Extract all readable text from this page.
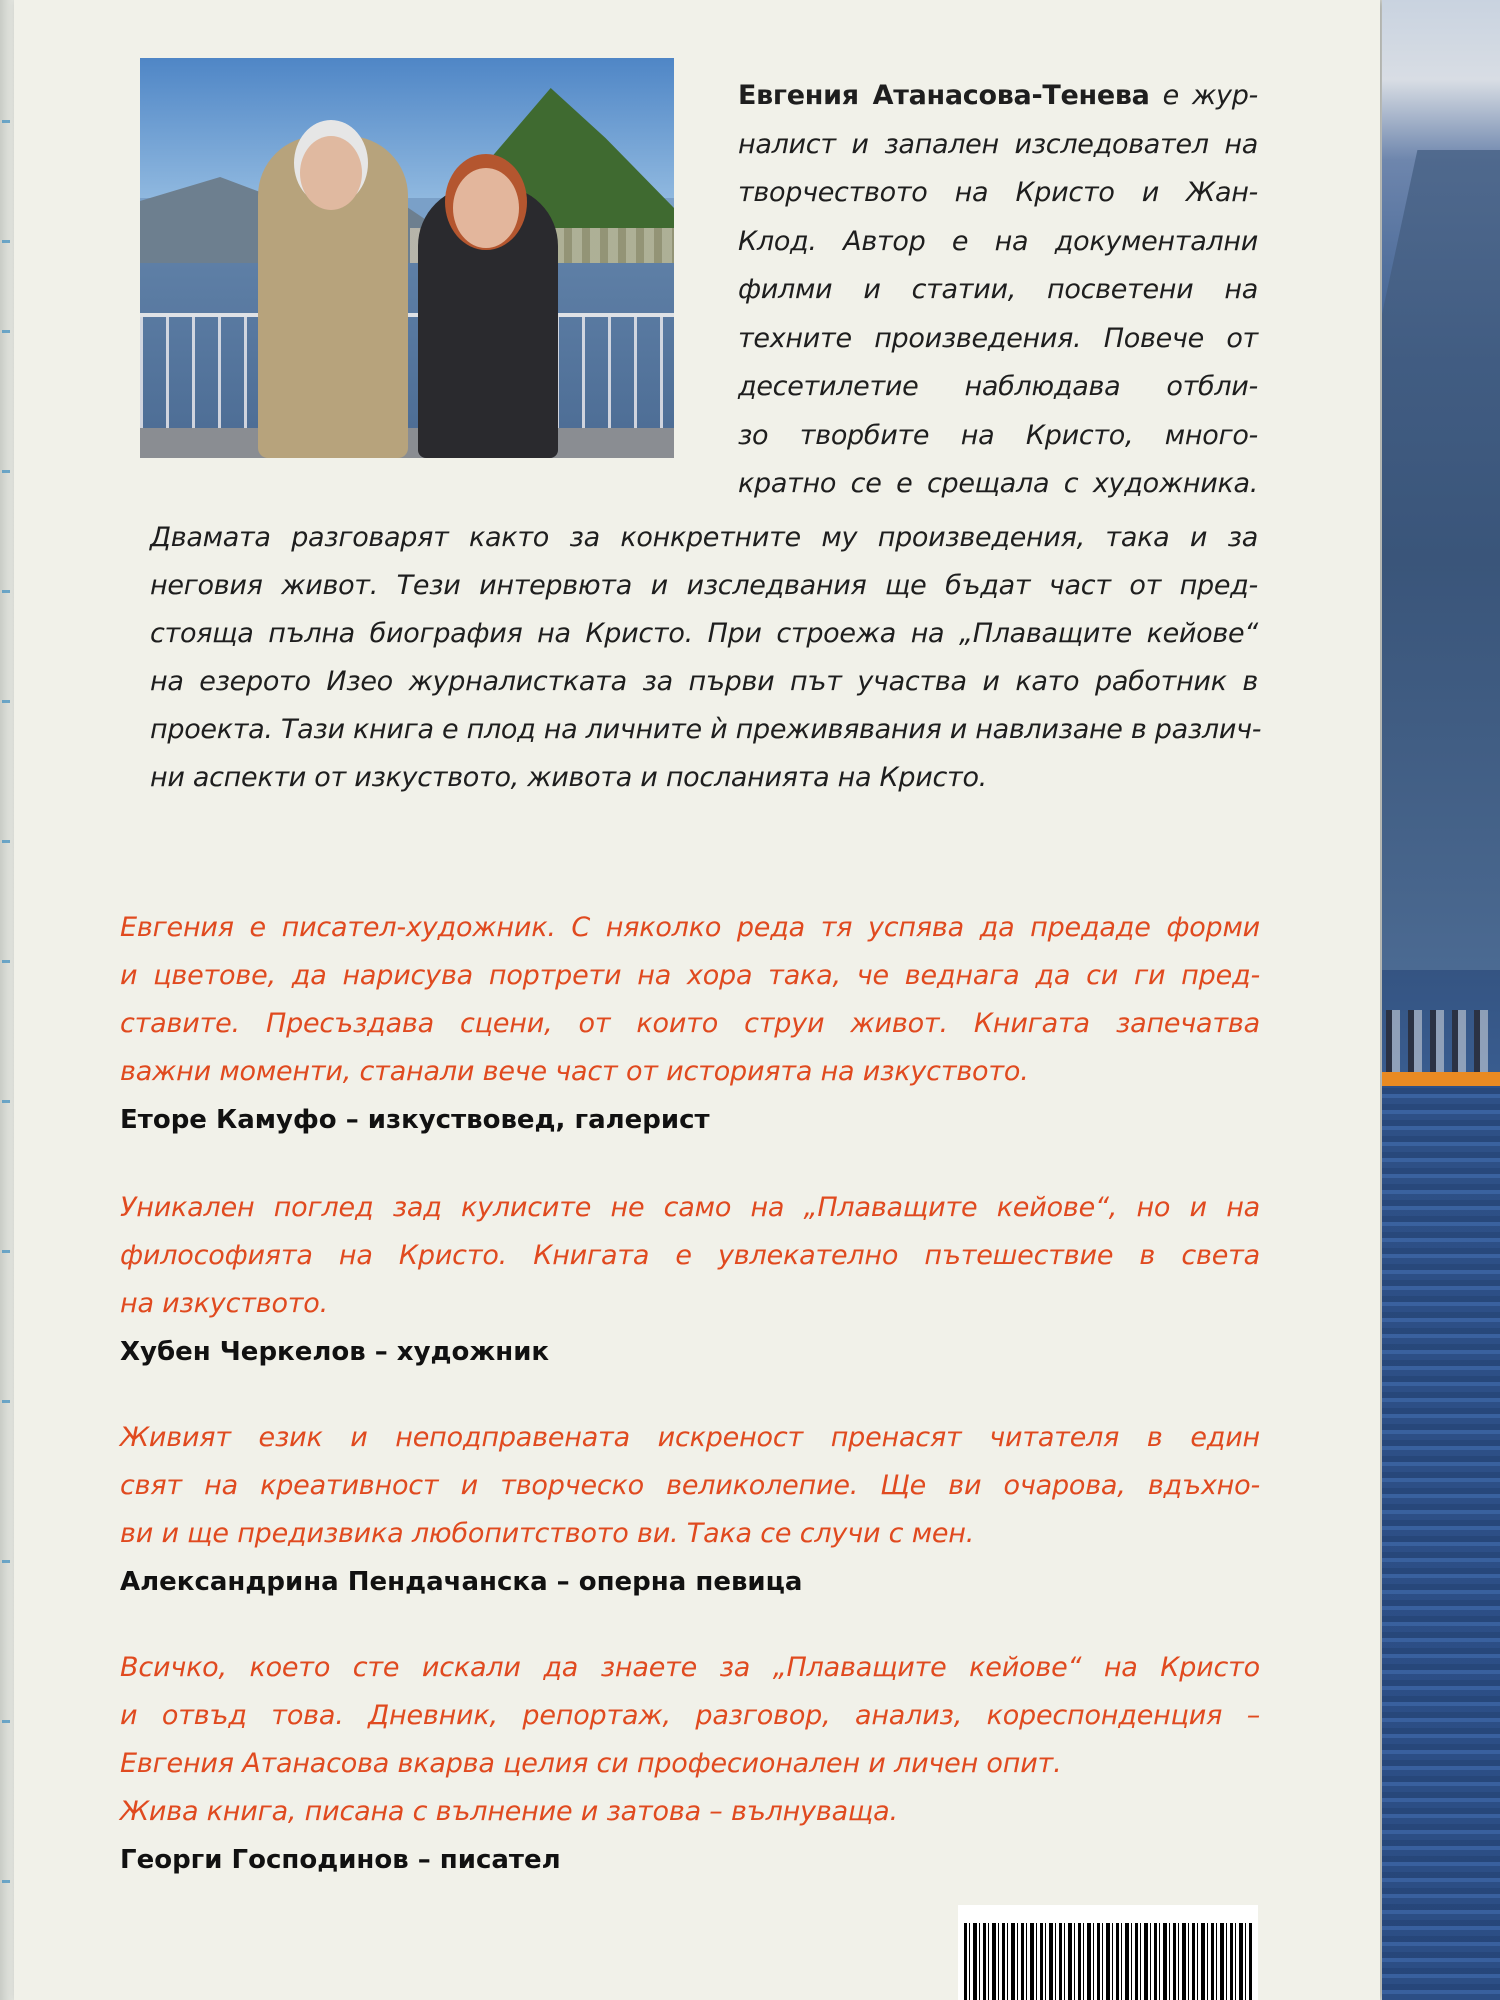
Евгения Атанасова-Тенева е жур-
налист и запален изследовател на
творчеството на Кристо и Жан-
Клод. Автор е на документални
филми и статии, посветени на
техните произведения. Повече от
десетилетие наблюдава отбли-
зо творбите на Кристо, много-
кратно се е срещала с художника.
Двамата разговарят както за конкретните му произведения, така и за
неговия живот. Тези интервюта и изследвания ще бъдат част от пред-
стояща пълна биография на Кристо. При строежа на „Плаващите кейове“
на езерото Изео журналистката за първи път участва и като работник в
проекта. Тази книга е плод на личните ѝ преживявания и навлизане в различ-
ни аспекти от изкуството, живота и посланията на Кристо.
Евгения е писател-художник. С няколко реда тя успява да предаде форми
и цветове, да нарисува портрети на хора така, че веднага да си ги пред-
ставите. Пресъздава сцени, от които струи живот. Книгата запечатва
важни моменти, станали вече част от историята на изкуството.
Еторе Камуфо – изкуствовед, галерист
Уникален поглед зад кулисите не само на „Плаващите кейове“, но и на
философията на Кристо. Книгата е увлекателно пътешествие в света
на изкуството.
Хубен Черкелов – художник
Живият език и неподправената искреност пренасят читателя в един
свят на креативност и творческо великолепие. Ще ви очарова, вдъхно-
ви и ще предизвика любопитството ви. Така се случи с мен.
Александрина Пендачанска – оперна певица
Всичко, което сте искали да знаете за „Плаващите кейове“ на Кристо
и отвъд това. Дневник, репортаж, разговор, анализ, кореспонденция –
Евгения Атанасова вкарва целия си професионален и личен опит.
Жива книга, писана с вълнение и затова – вълнуваща.
Георги Господинов – писател
